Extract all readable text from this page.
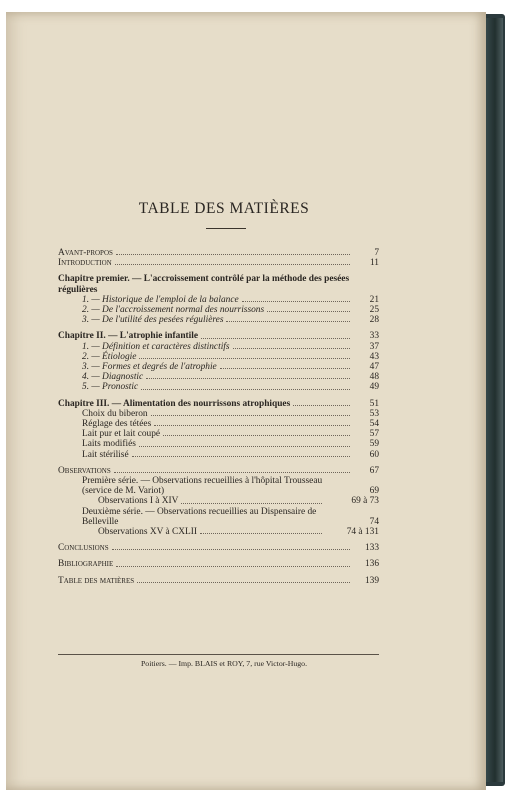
TABLE DES MATIÈRES
Avant-propos	7
Introduction	11
Chapitre premier. — L'accroissement contrôlé par la méthode des pesées régulières
1. — Historique de l'emploi de la balance	21
2. — De l'accroissement normal des nourrissons	25
3. — De l'utilité des pesées régulières	28
Chapitre II. — L'atrophie infantile	33
1. — Définition et caractères distinctifs	37
2. — Étiologie	43
3. — Formes et degrés de l'atrophie	47
4. — Diagnostic	48
5. — Pronostic	49
Chapitre III. — Alimentation des nourrissons atrophiques	51
Choix du biberon	53
Réglage des tétées	54
Lait pur et lait coupé	57
Laits modifiés	59
Lait stérilisé	60
Observations	67
Première série. — Observations recueillies à l'hôpital Trousseau (service de M. Variot)	69
Observations I à XIV	69 à 73
Deuxième série. — Observations recueillies au Dispensaire de Belleville	74
Observations XV à CXLII	74 à 131
Conclusions	133
Bibliographie	136
Table des matières	139
Poitiers. — Imp. BLAIS et ROY, 7, rue Victor-Hugo.
